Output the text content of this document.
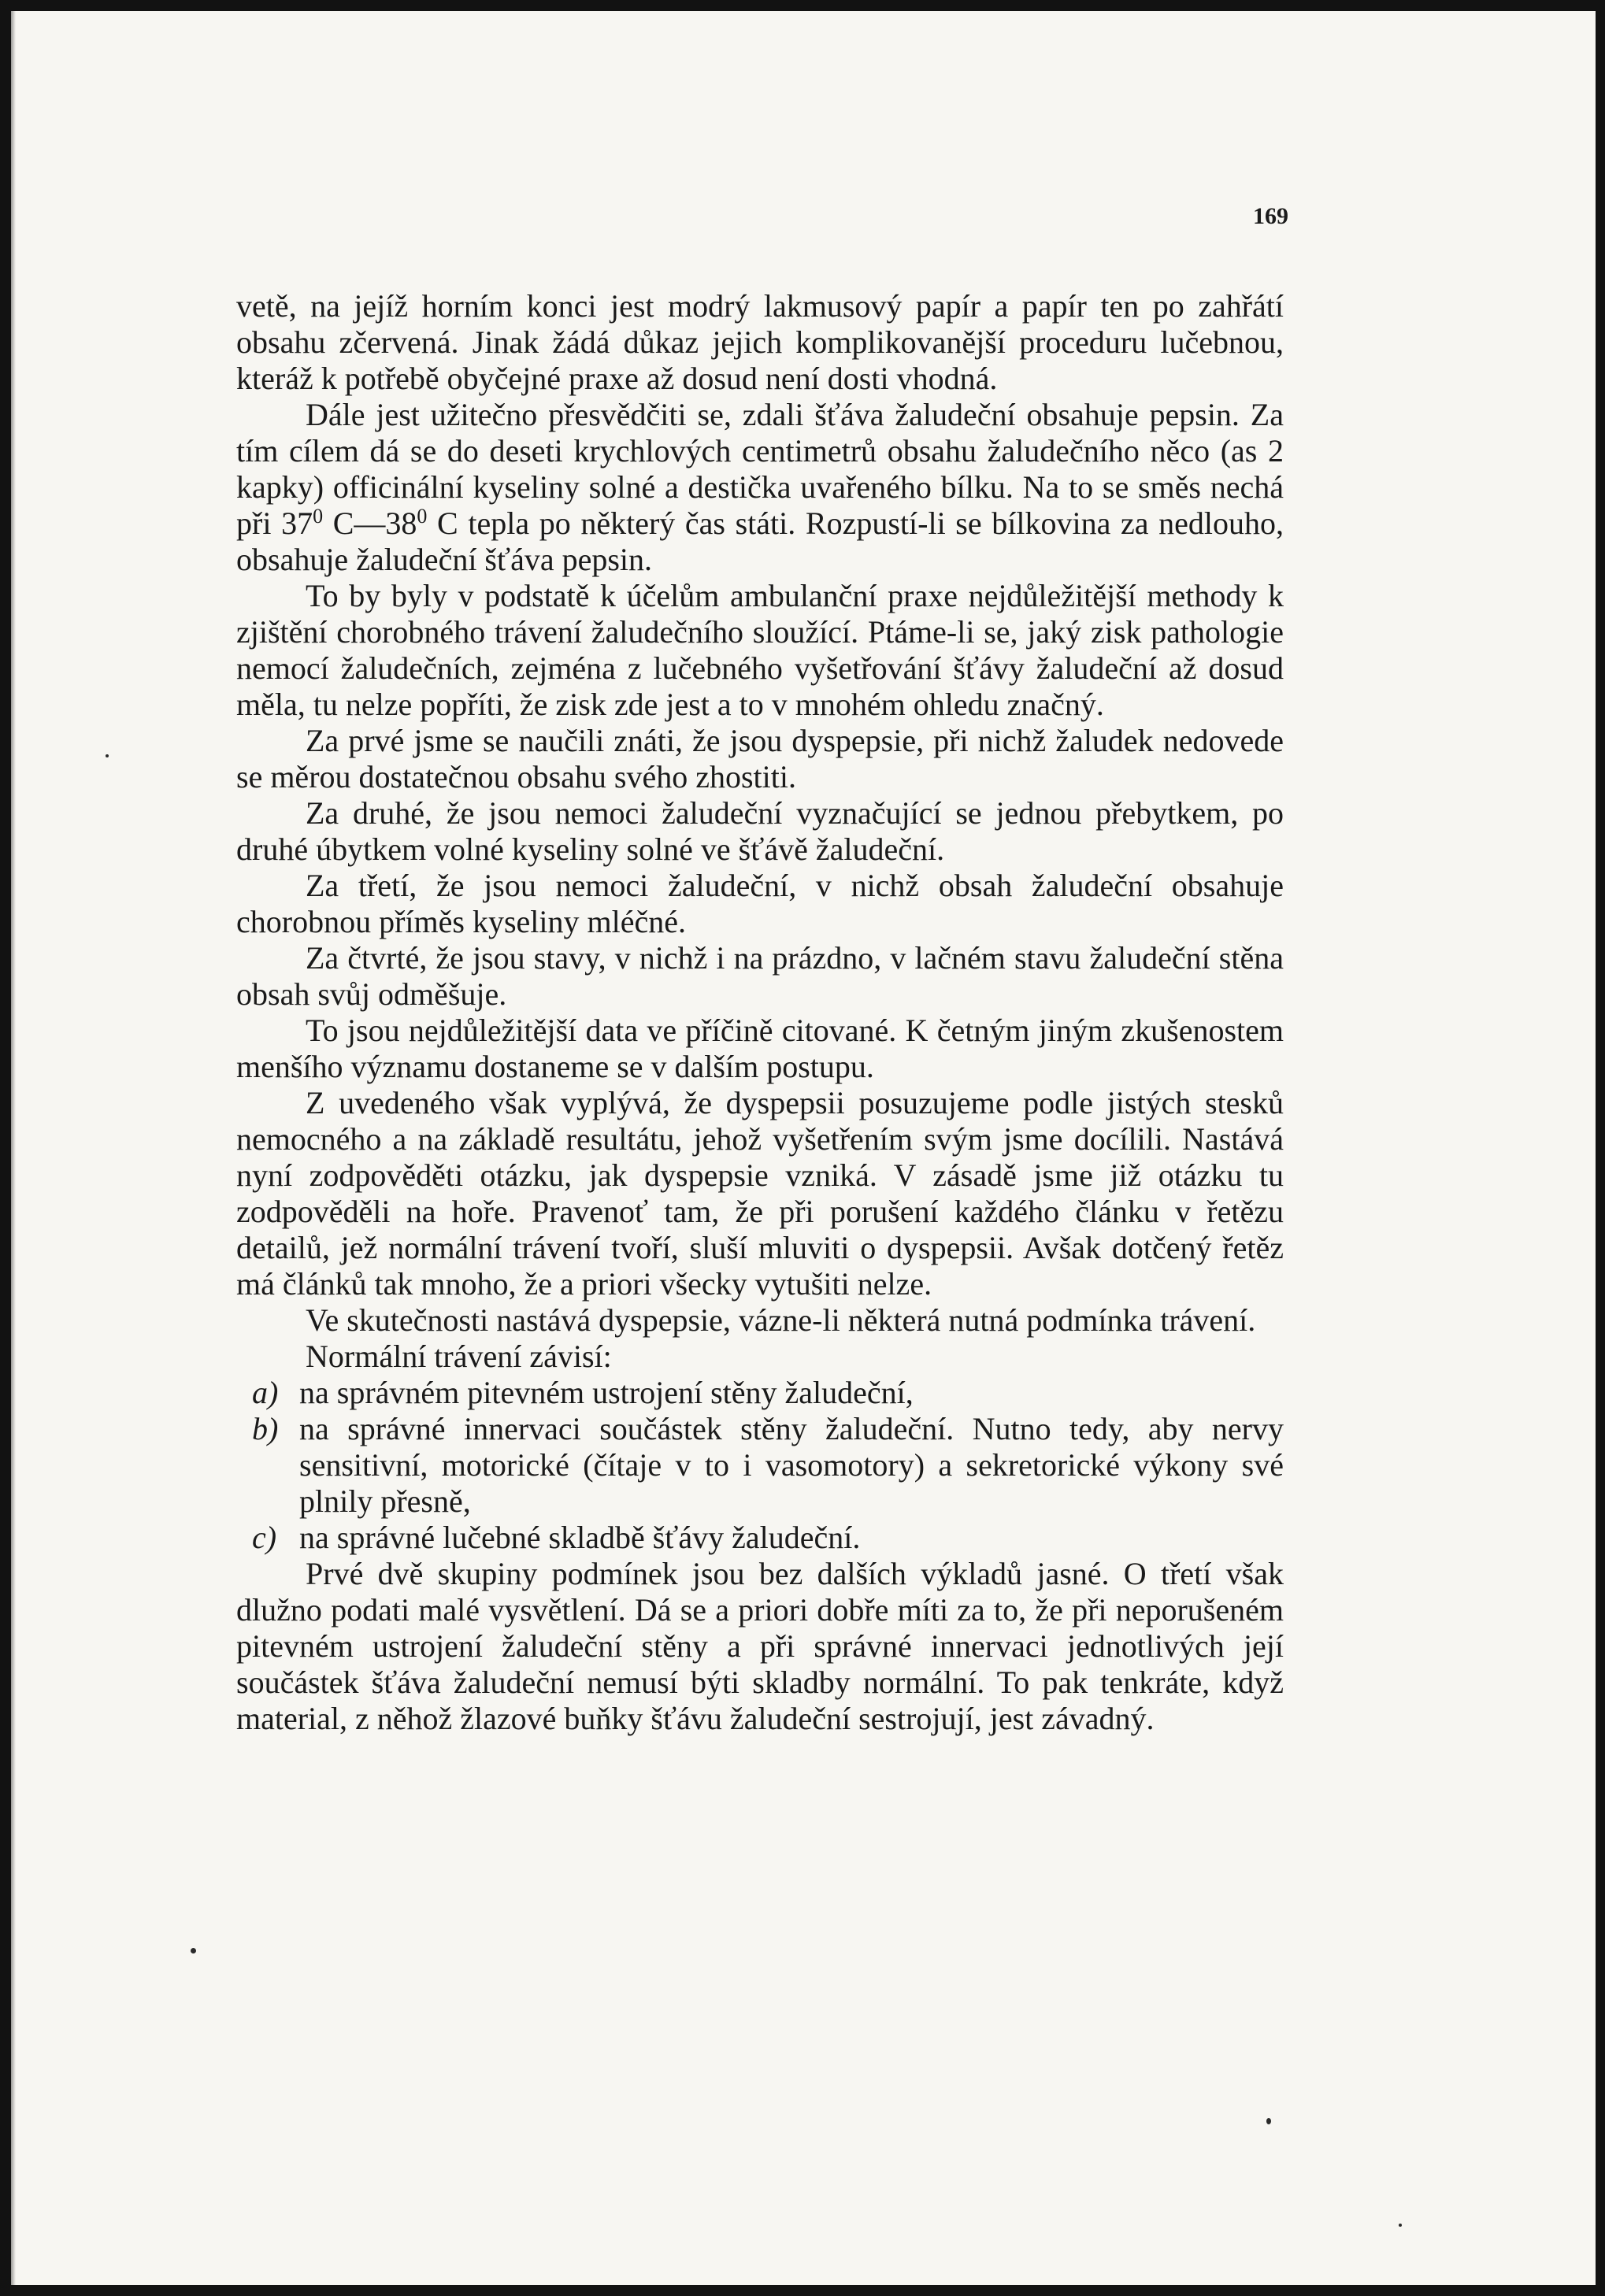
169

vetě, na jejíž horním konci jest modrý lakmusový papír a papír ten po zahřátí obsahu zčervená. Jinak žádá důkaz jejich komplikovanější proceduru lučebnou, kteráž k potřebě obyčejné praxe až dosud není dosti vhodná.

Dále jest užitečno přesvědčiti se, zdali šťáva žaludeční obsahuje pepsin. Za tím cílem dá se do deseti krychlových centimetrů obsahu žaludečního něco (as 2 kapky) officinální kyseliny solné a destička uvařeného bílku. Na to se směs nechá při $37^0$ $C—38^0$ C tepla po některý čas státi. Rozpustí-li se bílkovina za nedlouho, obsahuje žaludeční šťáva pepsin.

To by byly v podstatě k účelům ambulanční praxe nejdůležitější methody k zjištění chorobného trávení žaludečního sloužící. Ptáme-li se, jaký zisk pathologie nemocí žaludečních, zejména z lučebného vyšetřování šťávy žaludeční až dosud měla, tu nelze popříti, že zisk zde jest a to v mnohém ohledu značný.

Za prvé jsme se naučili znáti, že jsou dyspepsie, při nichž žaludek nedovede se měrou dostatečnou obsahu svého zhostiti.

Za druhé, že jsou nemoci žaludeční vyznačující se jednou přebytkem, po druhé úbytkem volné kyseliny solné ve šťávě žaludeční.

Za třetí, že jsou nemoci žaludeční, v nichž obsah žaludeční obsahuje chorobnou příměs kyseliny mléčné.

Za čtvrté, že jsou stavy, v nichž i na prázdno, v lačném stavu žaludeční stěna obsah svůj odměšuje.

To jsou nejdůležitější data ve příčině citované. K četným jiným zkušenostem menšího významu dostaneme se v dalším postupu.

Z uvedeného však vyplývá, že dyspepsii posuzujeme podle jistých stesků nemocného a na základě resultátu, jehož vyšetřením svým jsme docílili. Nastává nyní zodpověděti otázku, jak dyspepsie vzniká. V zásadě jsme již otázku tu zodpověděli na hoře. Pravenoť tam, že při porušení každého článku v řetězu detailů, jež normální trávení tvoří, sluší mluviti o dyspepsii. Avšak dotčený řetěz má článků tak mnoho, že a priori všecky vytušiti nelze.

Ve skutečnosti nastává dyspepsie, vázne-li některá nutná podmínka trávení.

Normální trávení závisí:

a) na správném pitevném ustrojení stěny žaludeční,
b) na správné innervaci součástek stěny žaludeční. Nutno tedy, aby nervy sensitivní, motorické (čítaje v to i vasomotory) a sekretorické výkony své plnily přesně,
c) na správné lučebné skladbě šťávy žaludeční.

Prvé dvě skupiny podmínek jsou bez dalších výkladů jasné. O třetí však dlužno podati malé vysvětlení. Dá se a priori dobře míti za to, že při neporušeném pitevném ustrojení žaludeční stěny a při správné innervaci jednotlivých její součástek šťáva žaludeční nemusí býti skladby normální. To pak tenkráte, když material, z něhož žlazové buňky šťávu žaludeční sestrojují, jest závadný.
